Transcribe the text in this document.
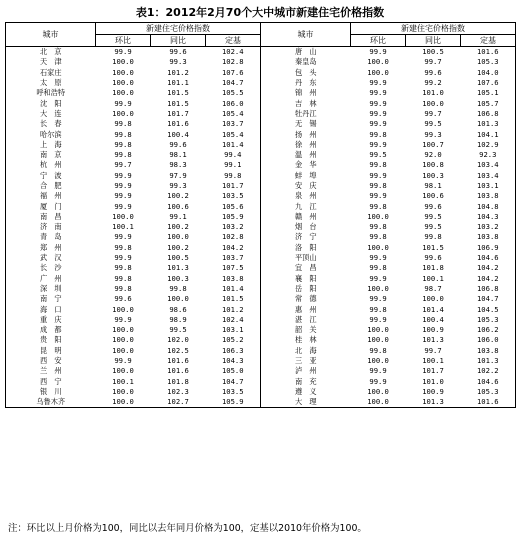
表1：2012年2月70个大中城市新建住宅价格指数
城市	新建住宅价格指数			城市	新建住宅价格指数		
	环比	同比	定基		环比	同比	定基
北　京	99.9	99.6	102.4	唐　山	99.9	100.5	101.6
天　津	100.0	99.3	102.8	秦皇岛	100.0	99.7	105.3
石家庄	100.0	101.2	107.6	包　头	100.0	99.6	104.0
太　原	100.0	101.1	104.7	丹　东	99.9	99.2	107.6
呼和浩特	100.0	101.5	105.5	锦　州	99.9	101.0	105.1
沈　阳	99.9	101.5	106.0	吉　林	99.9	100.0	105.7
大　连	100.0	101.7	105.4	牡丹江	99.9	99.7	106.8
长　春	99.8	101.6	103.7	无　锡	99.9	99.5	101.3
哈尔滨	99.8	100.4	105.4	扬　州	99.8	99.3	104.1
上　海	99.8	99.6	101.4	徐　州	99.9	100.7	102.9
南　京	99.8	98.1	99.4	温　州	99.5	92.0	92.3
杭　州	99.7	98.3	99.1	金　华	99.8	100.8	103.4
宁　波	99.9	97.9	99.8	蚌　埠	99.9	100.3	103.4
合　肥	99.9	99.3	101.7	安　庆	99.8	98.1	103.1
福　州	99.9	100.2	103.5	泉　州	99.9	100.6	103.8
厦　门	99.9	100.6	105.6	九　江	99.8	99.6	104.8
南　昌	100.0	99.1	105.9	赣　州	100.0	99.5	104.3
济　南	100.1	100.2	103.2	烟　台	99.8	99.5	103.2
青　岛	99.9	100.0	102.8	济　宁	99.8	99.8	103.8
郑　州	99.8	100.2	104.2	洛　阳	100.0	101.5	106.9
武　汉	99.9	100.5	103.7	平顶山	99.9	99.6	104.6
长　沙	99.8	101.3	107.5	宜　昌	99.8	101.8	104.2
广　州	99.8	100.3	103.8	襄　阳	99.9	100.1	104.2
深　圳	99.8	99.8	101.4	岳　阳	100.0	98.7	106.8
南　宁	99.6	100.0	101.5	常　德	99.9	100.0	104.7
海　口	100.0	98.6	101.2	惠　州	99.8	101.4	104.5
重　庆	99.9	98.9	102.4	湛　江	99.9	100.4	105.3
成　都	100.0	99.5	103.1	韶　关	100.0	100.9	106.2
贵　阳	100.0	102.0	105.2	桂　林	100.0	101.3	106.0
昆　明	100.0	102.5	106.3	北　海	99.8	99.7	103.8
西　安	99.9	101.6	104.3	三　亚	100.0	100.1	101.3
兰　州	100.0	101.6	105.0	泸　州	99.9	101.7	102.2
西　宁	100.1	101.8	104.7	南　充	99.9	101.0	104.6
银　川	100.0	102.3	103.5	遵　义	100.0	100.9	105.3
乌鲁木齐	100.0	102.7	105.9	大　理	100.0	101.3	101.6
注：环比以上月价格为100，同比以去年同月价格为100，定基以2010年价格为100。
